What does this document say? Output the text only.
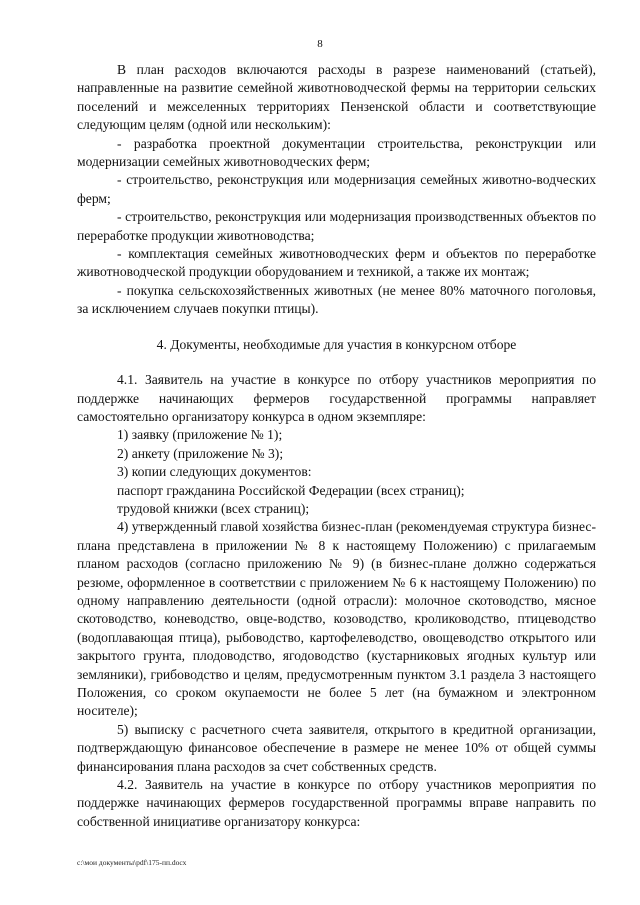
8

В план расходов включаются расходы в разрезе наименований (статьей), направленные на развитие семейной животноводческой фермы на территории сельских поселений и межселенных территориях Пензенской области и соответствующие следующим целям (одной или нескольким):

- разработка проектной документации строительства, реконструкции или модернизации семейных животноводческих ферм;

- строительство, реконструкция или модернизация семейных животно-водческих ферм;

- строительство, реконструкция или модернизация производственных объектов по переработке продукции животноводства;

- комплектация семейных животноводческих ферм и объектов по переработке животноводческой продукции оборудованием и техникой, а также их монтаж;

- покупка сельскохозяйственных животных (не менее 80% маточного поголовья, за исключением случаев покупки птицы).

4. Документы, необходимые для участия в конкурсном отборе

4.1. Заявитель на участие в конкурсе по отбору участников мероприятия по поддержке начинающих фермеров государственной программы направляет самостоятельно организатору конкурса в одном экземпляре:

1) заявку (приложение № 1);

2) анкету (приложение № 3);

3) копии следующих документов:

паспорт гражданина Российской Федерации (всех страниц);

трудовой книжки (всех страниц);

4) утвержденный главой хозяйства бизнес-план (рекомендуемая структура бизнес-плана представлена в приложении № 8 к настоящему Положению) с прилагаемым планом расходов (согласно приложению № 9) (в бизнес-плане должно содержаться резюме, оформленное в соответствии с приложением № 6 к настоящему Положению) по одному направлению деятельности (одной отрасли): молочное скотоводство, мясное скотоводство, коневодство, овце-водство, козоводство, кролиководство, птицеводство (водоплавающая птица), рыбоводство, картофелеводство, овощеводство открытого или закрытого грунта, плодоводство, ягодоводство (кустарниковых ягодных культур или земляники), грибоводство и целям, предусмотренным пунктом 3.1 раздела 3 настоящего Положения, со сроком окупаемости не более 5 лет (на бумажном и электронном носителе);

5) выписку с расчетного счета заявителя, открытого в кредитной организации, подтверждающую финансовое обеспечение в размере не менее 10% от общей суммы финансирования плана расходов за счет собственных средств.

4.2. Заявитель на участие в конкурсе по отбору участников мероприятия по поддержке начинающих фермеров государственной программы вправе направить по собственной инициативе организатору конкурса:

c:\мои документы\pdf\175-пп.docx
